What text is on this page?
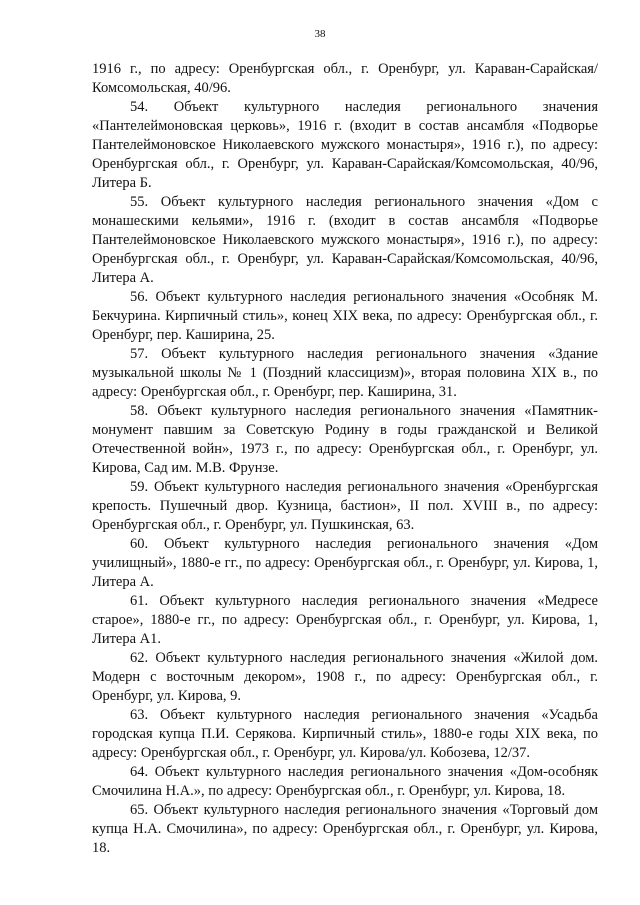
38

1916 г., по адресу: Оренбургская обл., г. Оренбург, ул. Караван-Сарайская/Комсомольская, 40/96.

54. Объект культурного наследия регионального значения «Пантелеймоновская церковь», 1916 г. (входит в состав ансамбля «Подворье Пантелеймоновское Николаевского мужского монастыря», 1916 г.), по адресу: Оренбургская обл., г. Оренбург, ул. Караван-Сарайская/Комсомольская, 40/96, Литера Б.

55. Объект культурного наследия регионального значения «Дом с монашескими кельями», 1916 г. (входит в состав ансамбля «Подворье Пантелеймоновское Николаевского мужского монастыря», 1916 г.), по адресу: Оренбургская обл., г. Оренбург, ул. Караван-Сарайская/Комсомольская, 40/96, Литера А.

56. Объект культурного наследия регионального значения «Особняк М. Бекчурина. Кирпичный стиль», конец XIX века, по адресу: Оренбургская обл., г. Оренбург, пер. Каширина, 25.

57. Объект культурного наследия регионального значения «Здание музыкальной школы № 1 (Поздний классицизм)», вторая половина XIX в., по адресу: Оренбургская обл., г. Оренбург, пер. Каширина, 31.

58. Объект культурного наследия регионального значения «Памятник-монумент павшим за Советскую Родину в годы гражданской и Великой Отечественной войн», 1973 г., по адресу: Оренбургская обл., г. Оренбург, ул. Кирова, Сад им. М.В. Фрунзе.

59. Объект культурного наследия регионального значения «Оренбургская крепость. Пушечный двор. Кузница, бастион», II пол. XVIII в., по адресу: Оренбургская обл., г. Оренбург, ул. Пушкинская, 63.

60. Объект культурного наследия регионального значения «Дом училищный», 1880-е гг., по адресу: Оренбургская обл., г. Оренбург, ул. Кирова, 1, Литера А.

61. Объект культурного наследия регионального значения «Медресе старое», 1880-е гг., по адресу: Оренбургская обл., г. Оренбург, ул. Кирова, 1, Литера А1.

62. Объект культурного наследия регионального значения «Жилой дом. Модерн с восточным декором», 1908 г., по адресу: Оренбургская обл., г. Оренбург, ул. Кирова, 9.

63. Объект культурного наследия регионального значения «Усадьба городская купца П.И. Серякова. Кирпичный стиль», 1880-е годы XIX века, по адресу: Оренбургская обл., г. Оренбург, ул. Кирова/ул. Кобозева, 12/37.

64. Объект культурного наследия регионального значения «Дом-особняк Смочилина Н.А.», по адресу: Оренбургская обл., г. Оренбург, ул. Кирова, 18.

65. Объект культурного наследия регионального значения «Торговый дом купца Н.А. Смочилина», по адресу: Оренбургская обл., г. Оренбург, ул. Кирова, 18.
